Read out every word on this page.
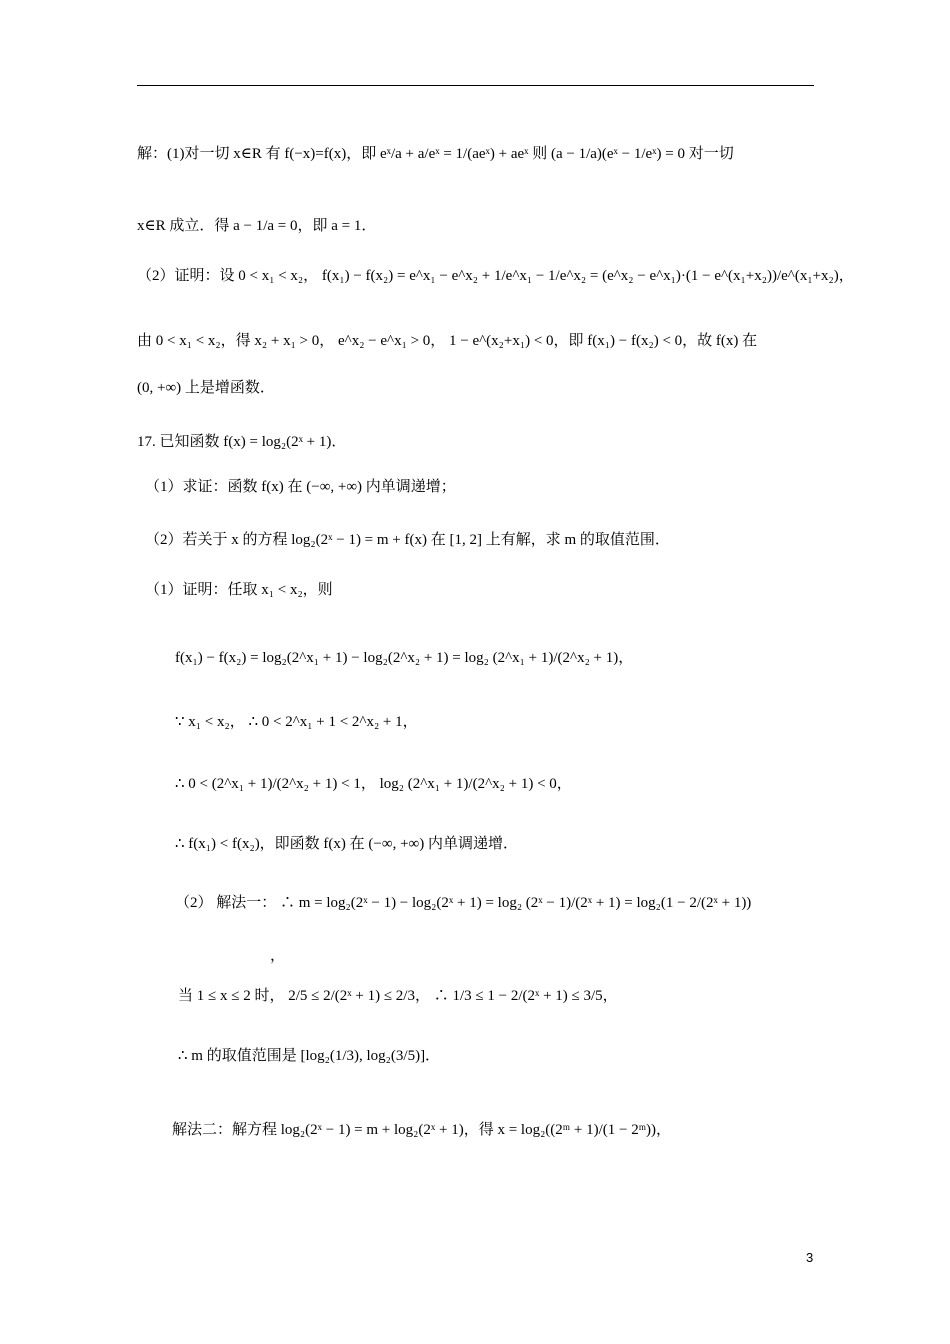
解：(1)对一切 x∈R 有 f(−x)=f(x)，即 eˣ/a + a/eˣ = 1/(aeˣ) + aeˣ 则 (a − 1/a)(eˣ − 1/eˣ) = 0 对一切
x∈R 成立．得 a − 1/a = 0，即 a = 1．
（2）证明：设 0 < x₁ < x₂， f(x₁) − f(x₂) = e^x₁ − e^x₂ + 1/e^x₁ − 1/e^x₂ = (e^x₂ − e^x₁)·(1 − e^(x₁+x₂))/e^(x₁+x₂)，
由 0 < x₁ < x₂，得 x₂ + x₁ > 0， e^x₂ − e^x₁ > 0， 1 − e^(x₂+x₁) < 0，即 f(x₁) − f(x₂) < 0，故 f(x) 在
(0, +∞) 上是增函数．
17. 已知函数 f(x) = log₂(2ˣ + 1)．
（1）求证：函数 f(x) 在 (−∞, +∞) 内单调递增；
（2）若关于 x 的方程 log₂(2ˣ − 1) = m + f(x) 在 [1, 2] 上有解，求 m 的取值范围．
（1）证明：任取 x₁ < x₂，则
f(x₁) − f(x₂) = log₂(2^x₁ + 1) − log₂(2^x₂ + 1) = log₂ (2^x₁ + 1)/(2^x₂ + 1)，
∵ x₁ < x₂， ∴ 0 < 2^x₁ + 1 < 2^x₂ + 1，
∴ 0 < (2^x₁ + 1)/(2^x₂ + 1) < 1， log₂ (2^x₁ + 1)/(2^x₂ + 1) < 0，
∴ f(x₁) < f(x₂)，即函数 f(x) 在 (−∞, +∞) 内单调递增．
（2） 解法一： ∴ m = log₂(2ˣ − 1) − log₂(2ˣ + 1) = log₂ (2ˣ − 1)/(2ˣ + 1) = log₂(1 − 2/(2ˣ + 1))
，
当 1 ≤ x ≤ 2 时， 2/5 ≤ 2/(2ˣ + 1) ≤ 2/3， ∴ 1/3 ≤ 1 − 2/(2ˣ + 1) ≤ 3/5，
∴ m 的取值范围是 [log₂(1/3), log₂(3/5)]．
解法二：解方程 log₂(2ˣ − 1) = m + log₂(2ˣ + 1)，得 x = log₂((2ᵐ + 1)/(1 − 2ᵐ))，
3
